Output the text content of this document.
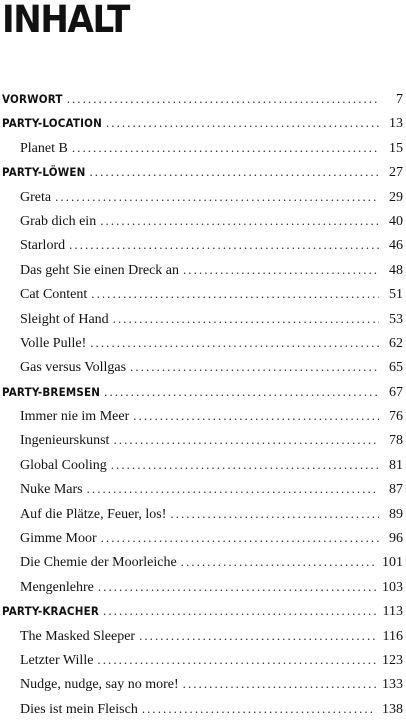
INHALT
VORWORT . . .	7
PARTY-LOCATION . . .	13
Planet B . . .	15
PARTY-LÖWEN . . .	27
Greta . . .	29
Grab dich ein . . .	40
Starlord . . .	46
Das geht Sie einen Dreck an . . .	48
Cat Content . . .	51
Sleight of Hand . . .	53
Volle Pulle! . . .	62
Gas versus Vollgas . . .	65
PARTY-BREMSEN . . .	67
Immer nie im Meer . . .	76
Ingenieurskunst . . .	78
Global Cooling . . .	81
Nuke Mars . . .	87
Auf die Plätze, Feuer, los! . . .	89
Gimme Moor . . .	96
Die Chemie der Moorleiche . . .	101
Mengenlehre . . .	103
PARTY-KRACHER . . .	113
The Masked Sleeper . . .	116
Letzter Wille . . .	123
Nudge, nudge, say no more! . . .	133
Dies ist mein Fleisch . . .	138
